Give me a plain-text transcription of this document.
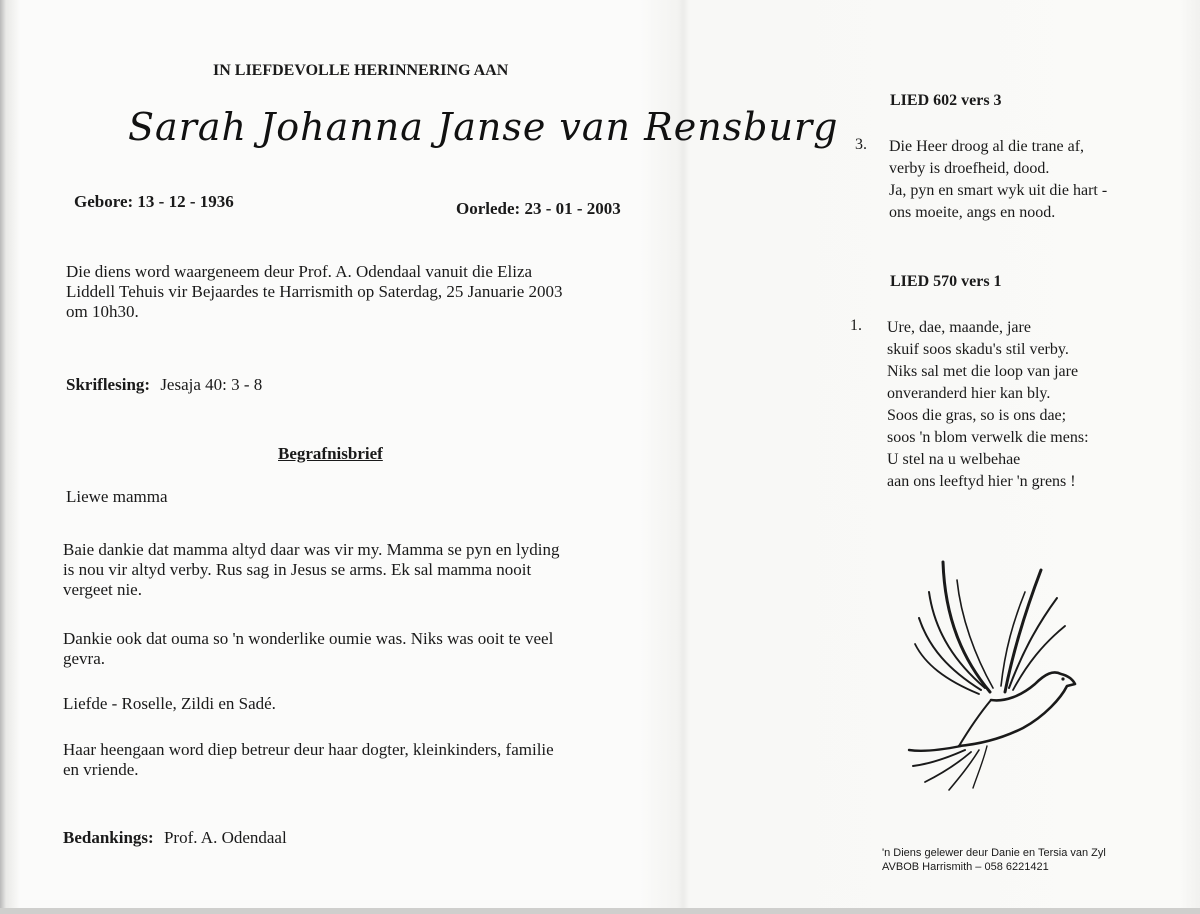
IN LIEFDEVOLLE HERINNERING AAN
Sarah Johanna Janse van Rensburg
Gebore: 13 - 12 - 1936	Oorlede: 23 - 01 - 2003
Die diens word waargeneem deur Prof. A. Odendaal vanuit die Eliza
Liddell Tehuis vir Bejaardes te Harrismith op Saterdag, 25 Januarie 2003
om 10h30.
Skriflesing: Jesaja 40: 3 - 8
Begrafnisbrief
Liewe mamma
Baie dankie dat mamma altyd daar was vir my. Mamma se pyn en lyding
is nou vir altyd verby. Rus sag in Jesus se arms. Ek sal mamma nooit
vergeet nie.
Dankie ook dat ouma so 'n wonderlike oumie was. Niks was ooit te veel
gevra.
Liefde - Roselle, Zildi en Sadé.
Haar heengaan word diep betreur deur haar dogter, kleinkinders, familie
en vriende.
Bedankings: Prof. A. Odendaal
LIED 602 vers 3
3. Die Heer droog al die trane af,
verby is droefheid, dood.
Ja, pyn en smart wyk uit die hart -
ons moeite, angs en nood.
LIED 570 vers 1
1. Ure, dae, maande, jare
skuif soos skadu's stil verby.
Niks sal met die loop van jare
onveranderd hier kan bly.
Soos die gras, so is ons dae;
soos 'n blom verwelk die mens:
U stel na u welbehae
aan ons leeftyd hier 'n grens !
'n Diens gelewer deur Danie en Tersia van Zyl
AVBOB Harrismith – 058 6221421
